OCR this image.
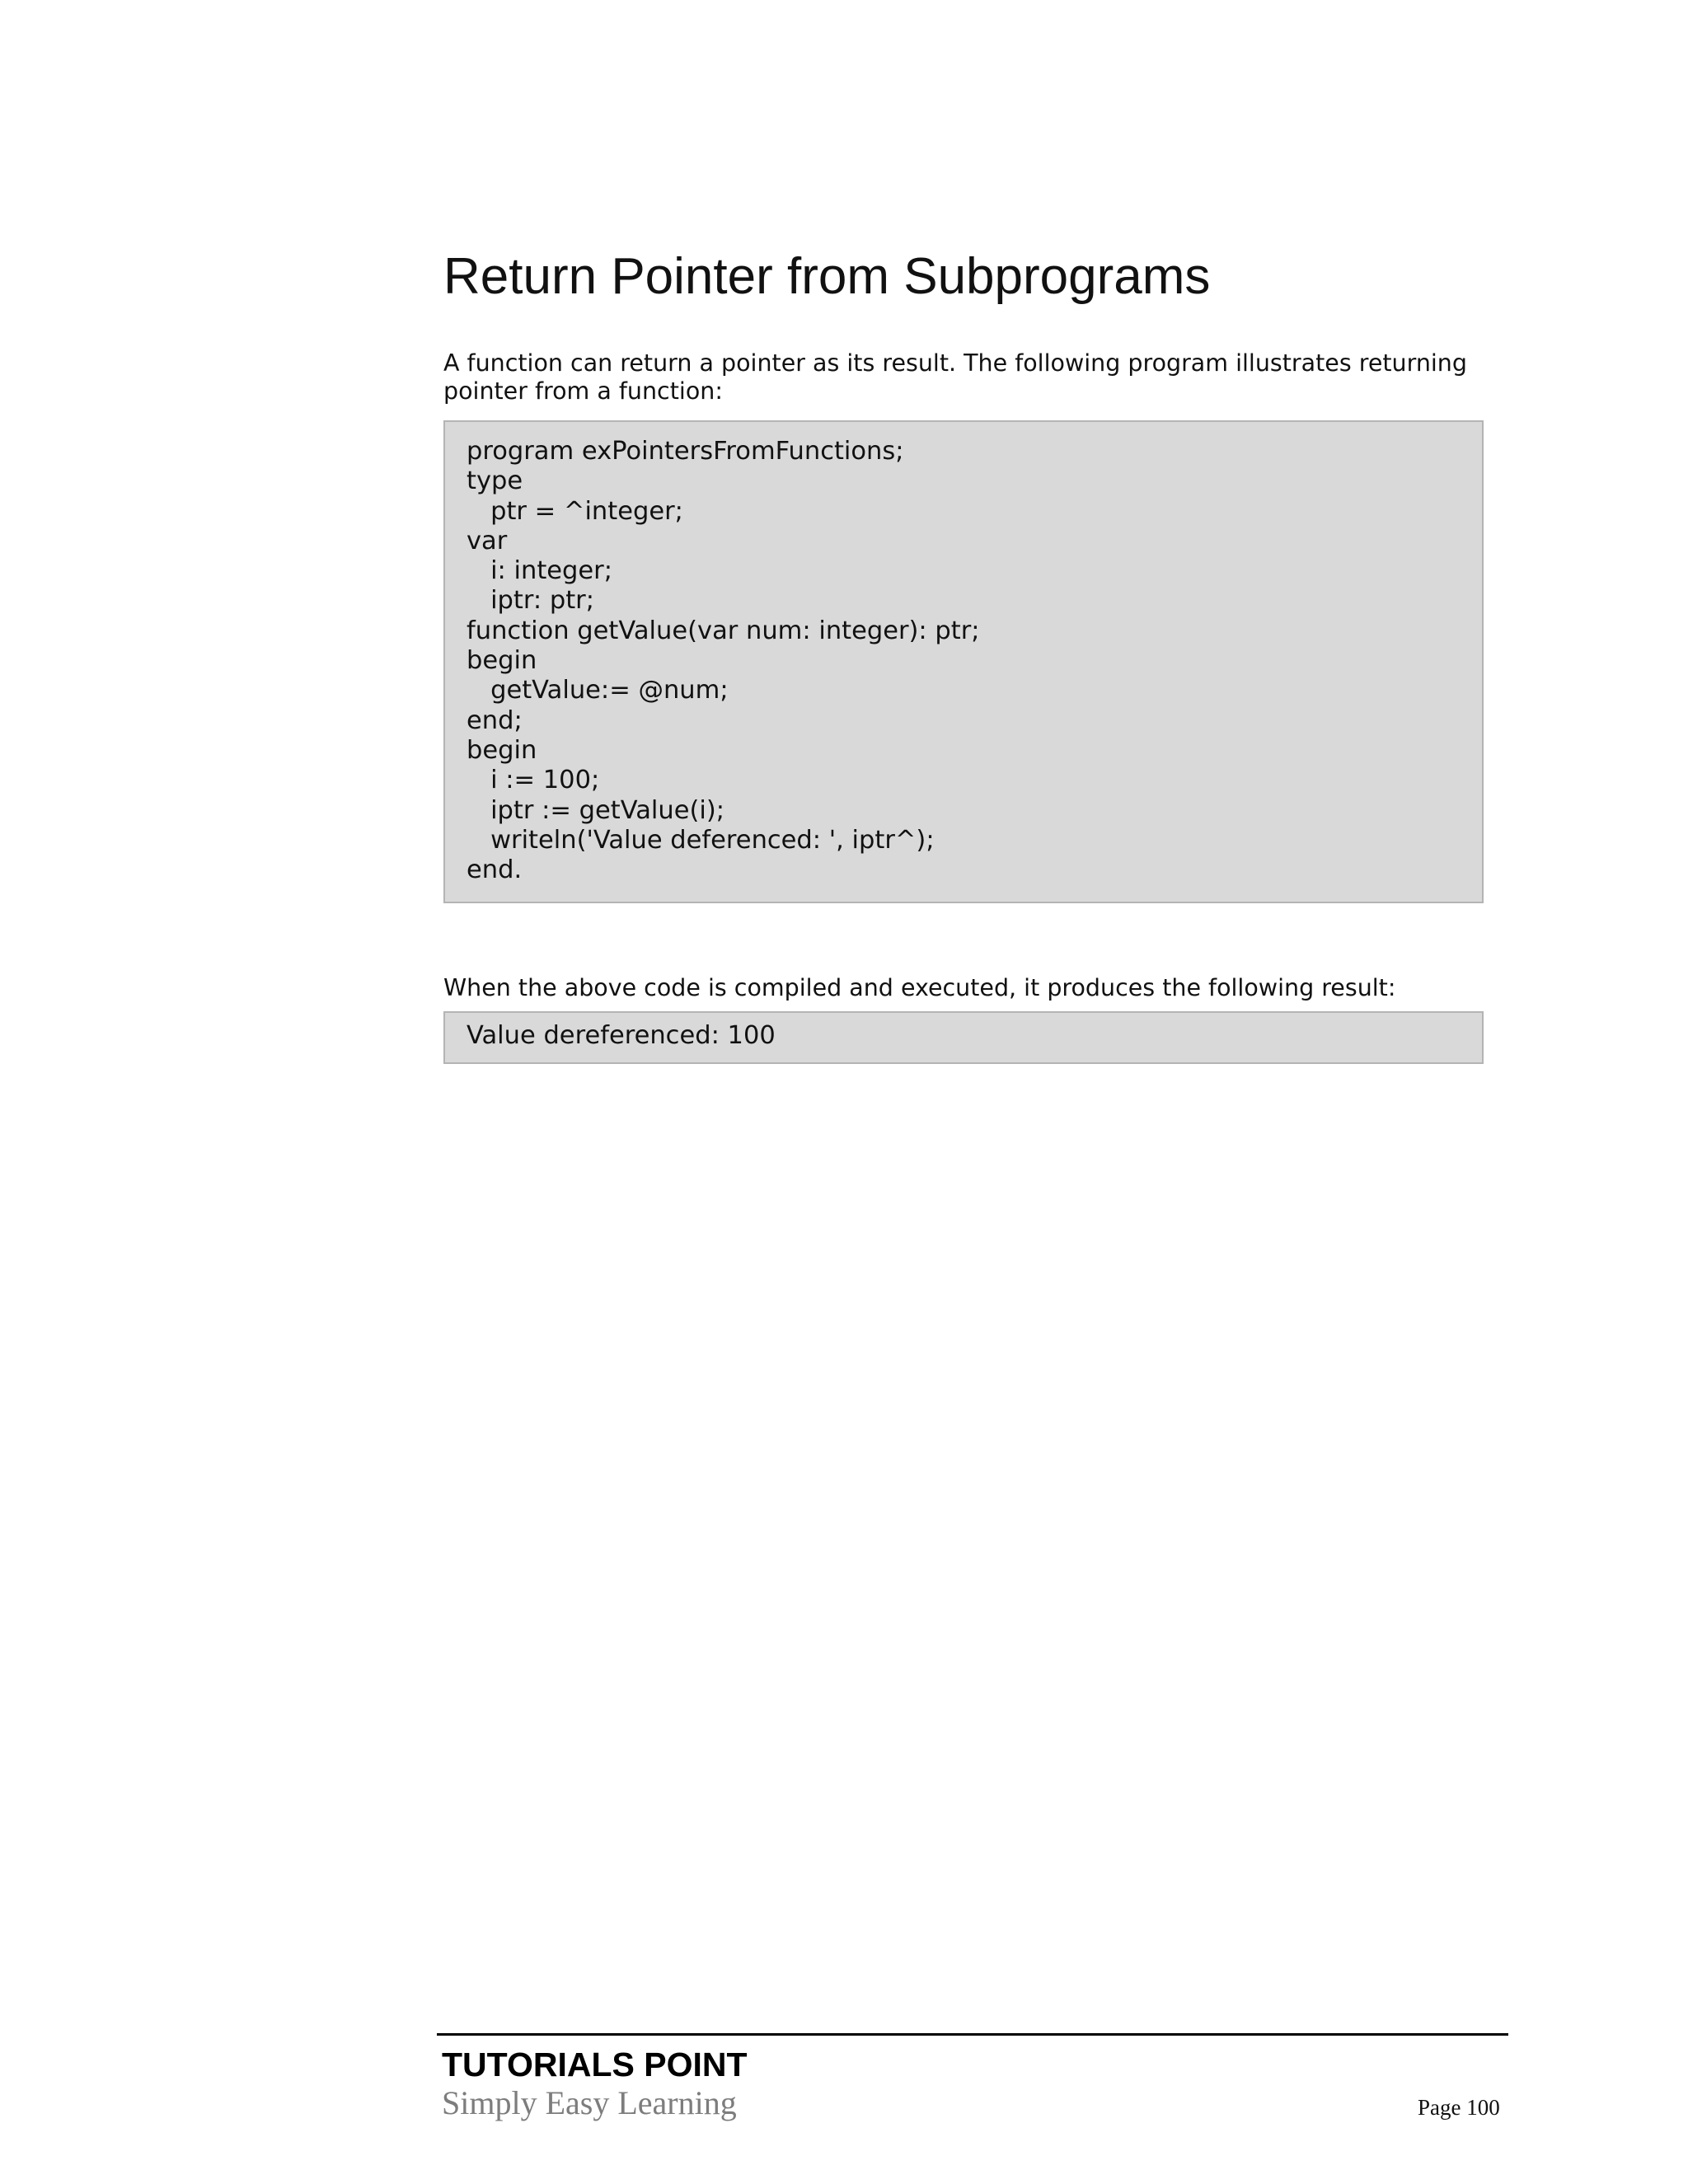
Return Pointer from Subprograms

A function can return a pointer as its result. The following program illustrates returning pointer from a function:

program exPointersFromFunctions;
type
ptr = ^integer;
var
i: integer;
iptr: ptr;
function getValue(var num: integer): ptr;
begin
getValue:= @num;
end;
begin
i := 100;
iptr := getValue(i);
writeln('Value deferenced: ', iptr^);
end.

When the above code is compiled and executed, it produces the following result:

Value dereferenced: 100
TUTORIALS POINT
Simply Easy Learning	Page 100
